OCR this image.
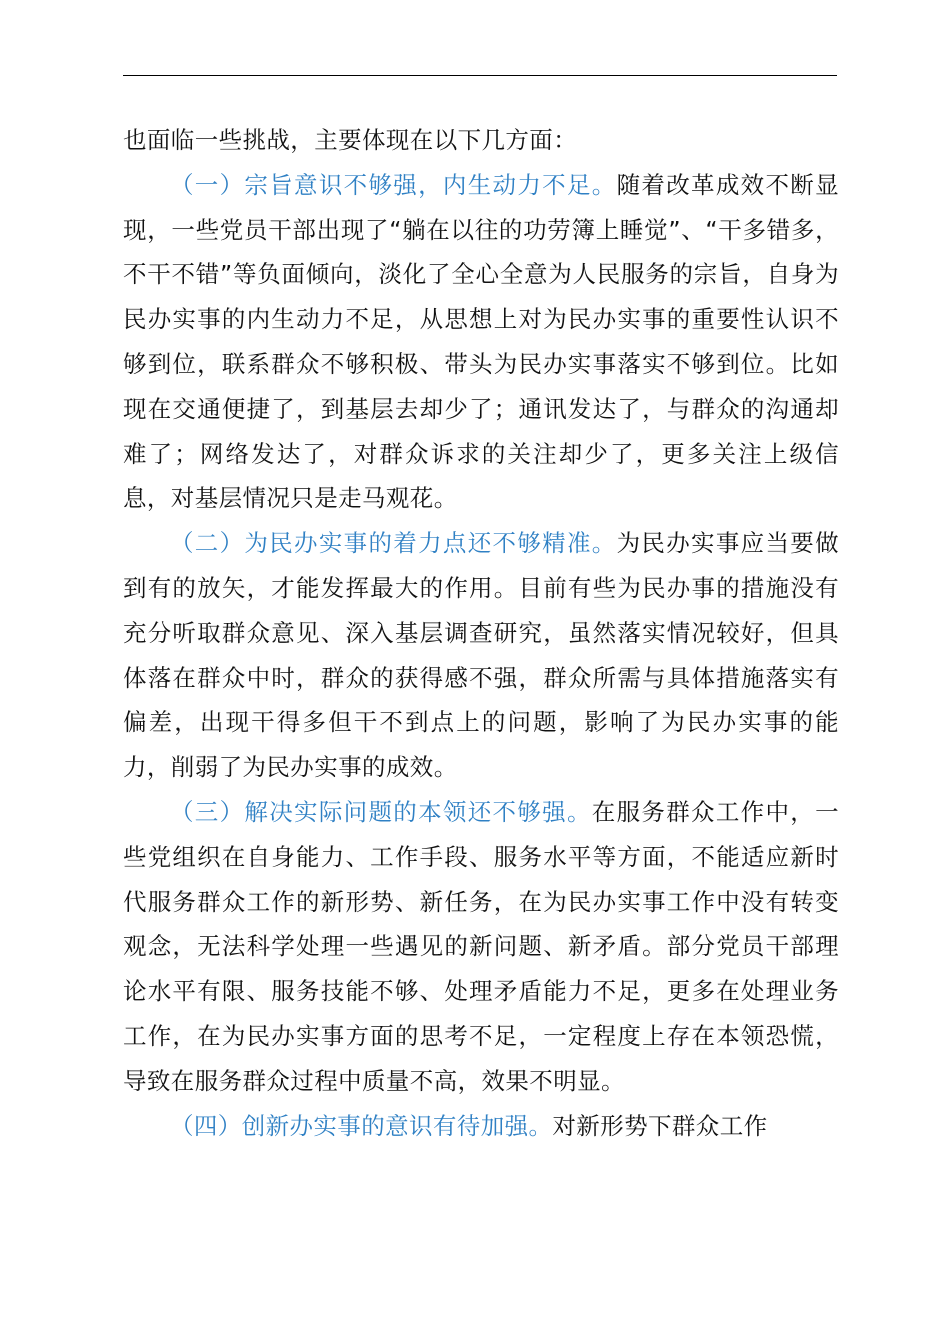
也面临一些挑战，主要体现在以下几方面：

（一）宗旨意识不够强，内生动力不足。随着改革成效不断显现，一些党员干部出现了“躺在以往的功劳簿上睡觉”、“干多错多，不干不错”等负面倾向，淡化了全心全意为人民服务的宗旨，自身为民办实事的内生动力不足，从思想上对为民办实事的重要性认识不够到位，联系群众不够积极、带头为民办实事落实不够到位。比如现在交通便捷了，到基层去却少了；通讯发达了，与群众的沟通却难了；网络发达了，对群众诉求的关注却少了，更多关注上级信息，对基层情况只是走马观花。

（二）为民办实事的着力点还不够精准。为民办实事应当要做到有的放矢，才能发挥最大的作用。目前有些为民办事的措施没有充分听取群众意见、深入基层调查研究，虽然落实情况较好，但具体落在群众中时，群众的获得感不强，群众所需与具体措施落实有偏差，出现干得多但干不到点上的问题，影响了为民办实事的能力，削弱了为民办实事的成效。

（三）解决实际问题的本领还不够强。在服务群众工作中，一些党组织在自身能力、工作手段、服务水平等方面，不能适应新时代服务群众工作的新形势、新任务，在为民办实事工作中没有转变观念，无法科学处理一些遇见的新问题、新矛盾。部分党员干部理论水平有限、服务技能不够、处理矛盾能力不足，更多在处理业务工作，在为民办实事方面的思考不足，一定程度上存在本领恐慌，导致在服务群众过程中质量不高，效果不明显。

（四）创新办实事的意识有待加强。对新形势下群众工作
